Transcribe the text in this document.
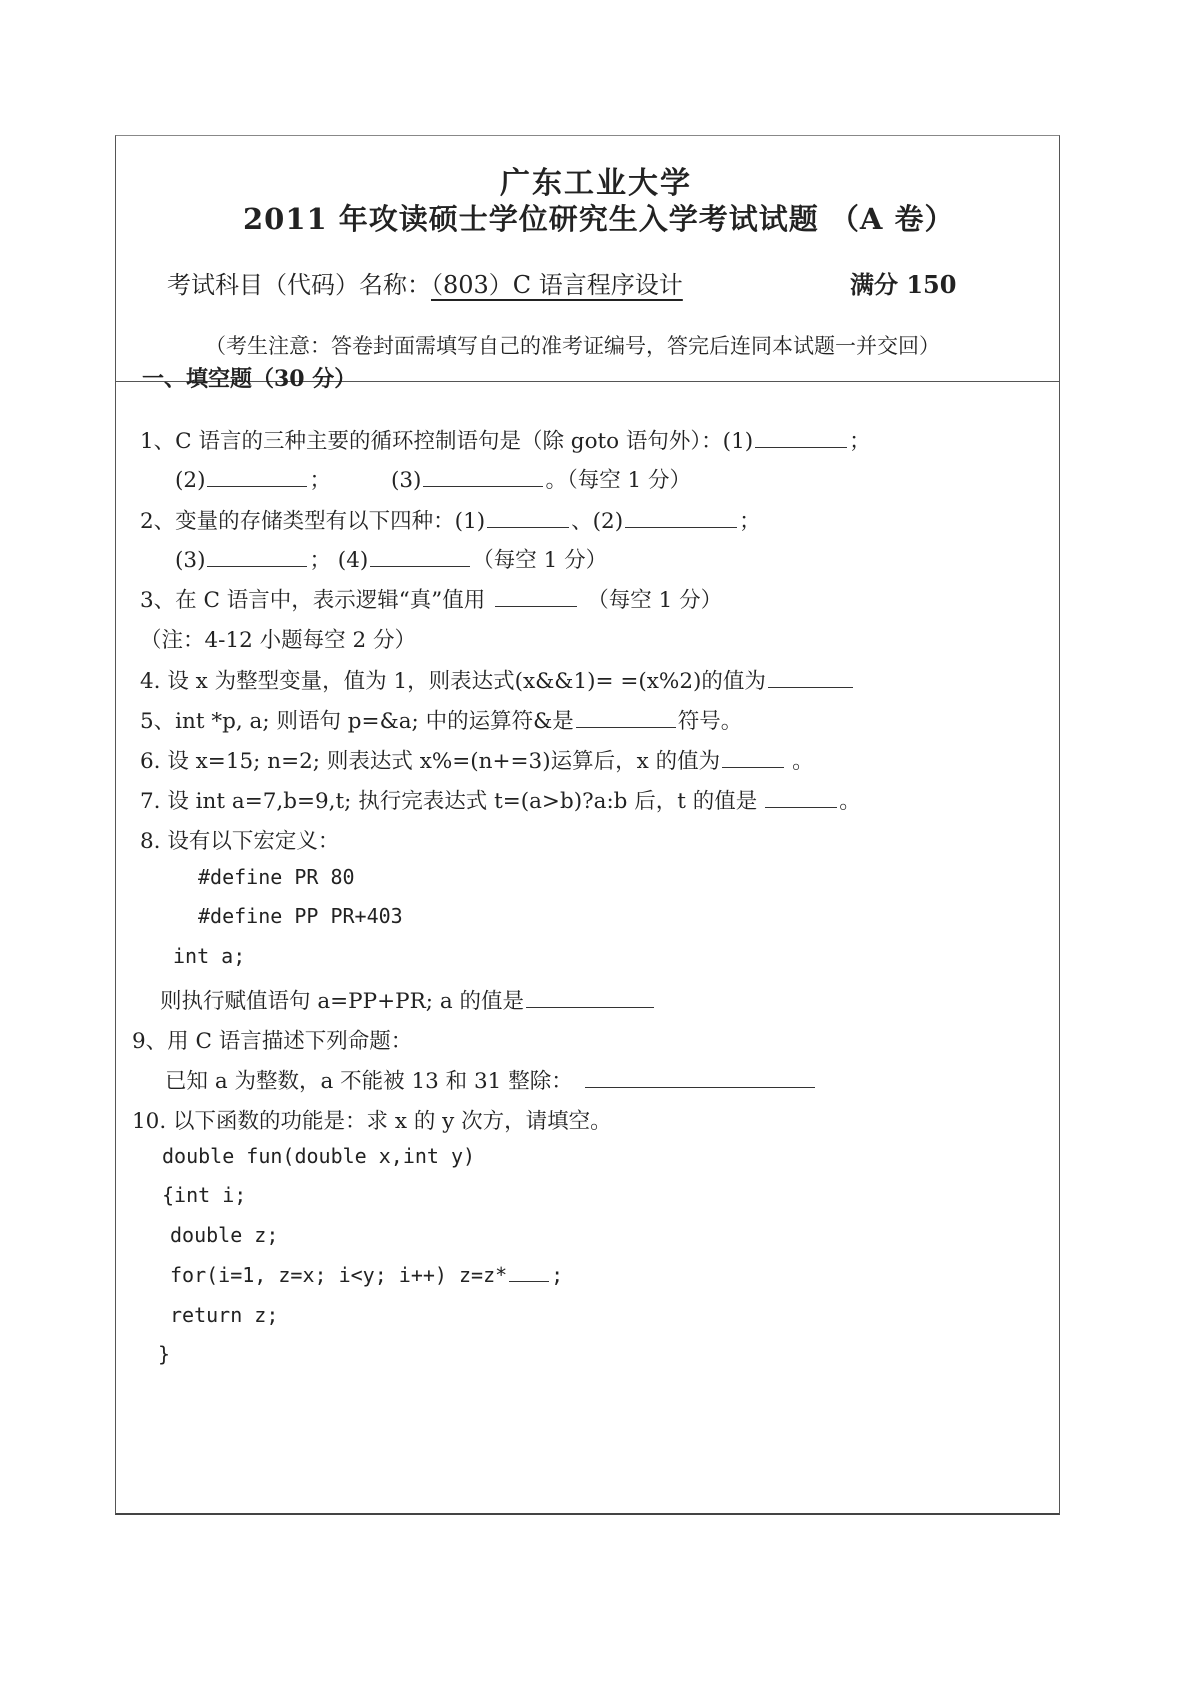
广东工业大学
2011 年攻读硕士学位研究生入学考试试题 （A 卷）
考试科目（代码）名称：（803）C 语言程序设计	满分 150
（考生注意：答卷封面需填写自己的准考证编号，答完后连同本试题一并交回）
一、填空题（30 分）
1、C 语言的三种主要的循环控制语句是（除 goto 语句外）：(1)	；
(2)	；	(3)	。（每空 1 分）
2、变量的存储类型有以下四种：(1)	、(2)	；
(3)	； (4)	（每空 1 分）
3、在 C 语言中，表示逻辑“真”值用	（每空 1 分）
（注：4-12 小题每空 2 分）
4. 设 x 为整型变量，值为 1，则表达式(x&&1)= =(x%2)的值为
5、int *p, a; 则语句 p=&a; 中的运算符&是	符号。
6. 设 x=15; n=2; 则表达式 x%=(n+=3)运算后，x 的值为	。
7. 设 int a=7,b=9,t; 执行完表达式 t=(a>b)?a:b 后，t 的值是	。
8. 设有以下宏定义：
#define PR 80
#define PP PR+403
int a;
则执行赋值语句 a=PP+PR; a 的值是
9、用 C 语言描述下列命题：
已知 a 为整数，a 不能被 13 和 31 整除：
10. 以下函数的功能是：求 x 的 y 次方，请填空。
double fun(double x,int y)
{int i;
double z;
for(i=1, z=x; i<y; i++) z=z* ;
return z;
}
